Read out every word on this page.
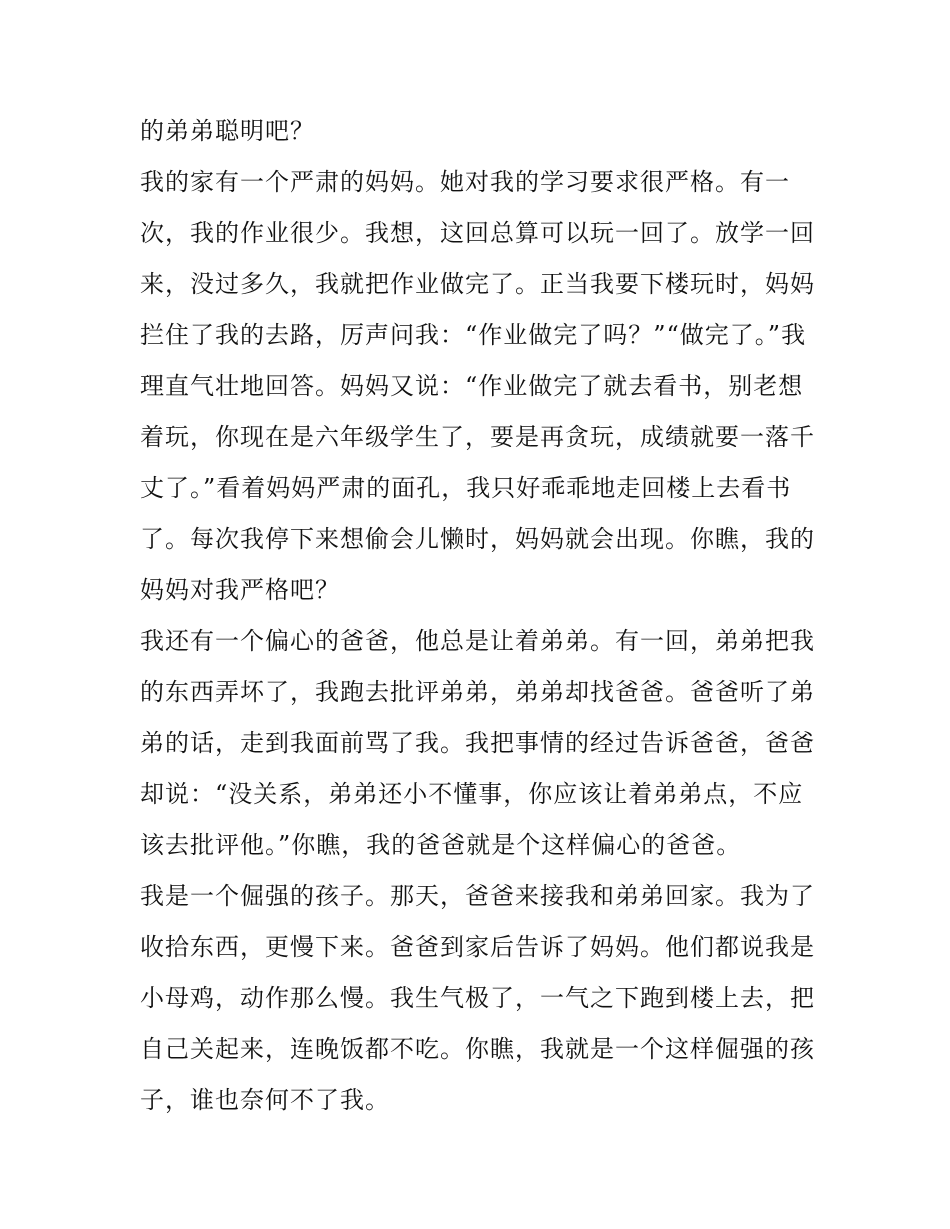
的弟弟聪明吧？
我的家有一个严肃的妈妈。她对我的学习要求很严格。有一
次，我的作业很少。我想，这回总算可以玩一回了。放学一回
来，没过多久，我就把作业做完了。正当我要下楼玩时，妈妈
拦住了我的去路，厉声问我：“作业做完了吗？”“做完了。”我
理直气壮地回答。妈妈又说：“作业做完了就去看书，别老想
着玩，你现在是六年级学生了，要是再贪玩，成绩就要一落千
丈了。”看着妈妈严肃的面孔，我只好乖乖地走回楼上去看书
了。每次我停下来想偷会儿懒时，妈妈就会出现。你瞧，我的
妈妈对我严格吧？
我还有一个偏心的爸爸，他总是让着弟弟。有一回，弟弟把我
的东西弄坏了，我跑去批评弟弟，弟弟却找爸爸。爸爸听了弟
弟的话，走到我面前骂了我。我把事情的经过告诉爸爸，爸爸
却说：“没关系，弟弟还小不懂事，你应该让着弟弟点，不应
该去批评他。”你瞧，我的爸爸就是个这样偏心的爸爸。
我是一个倔强的孩子。那天，爸爸来接我和弟弟回家。我为了
收拾东西，更慢下来。爸爸到家后告诉了妈妈。他们都说我是
小母鸡，动作那么慢。我生气极了，一气之下跑到楼上去，把
自己关起来，连晚饭都不吃。你瞧，我就是一个这样倔强的孩
子，谁也奈何不了我。
